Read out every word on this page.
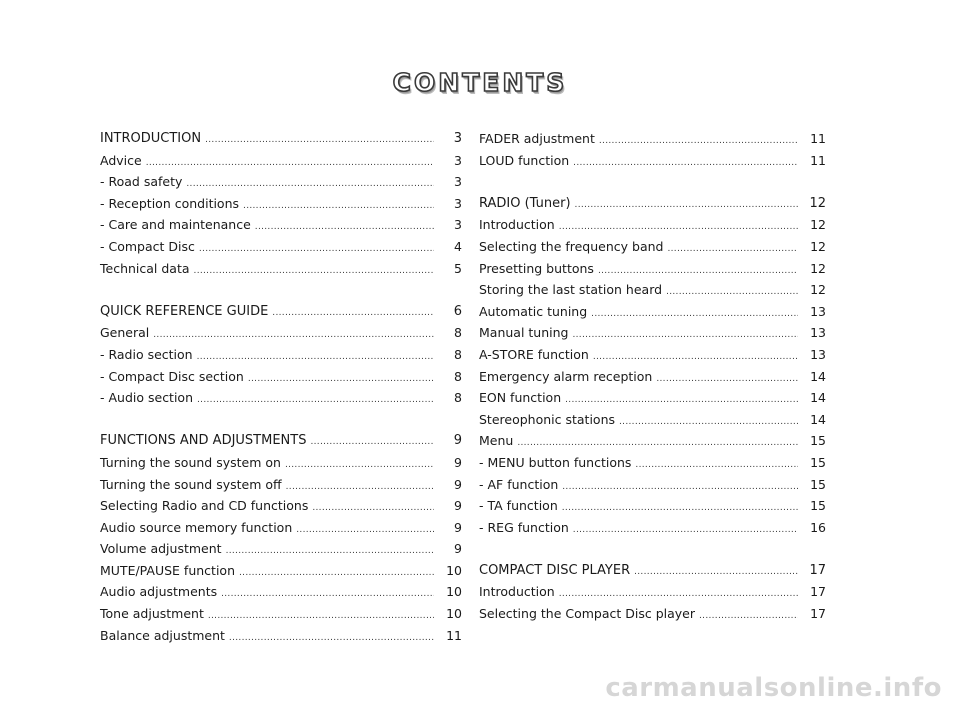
CONTENTS
INTRODUCTION .....	3
Advice .....	3
- Road safety .....	3
- Reception conditions .....	3
- Care and maintenance .....	3
- Compact Disc .....	4
Technical data .....	5
QUICK REFERENCE GUIDE .....	6
General .....	8
- Radio section .....	8
- Compact Disc section .....	8
- Audio section .....	8
FUNCTIONS AND ADJUSTMENTS .....	9
Turning the sound system on .....	9
Turning the sound system off .....	9
Selecting Radio and CD functions .....	9
Audio source memory function .....	9
Volume adjustment .....	9
MUTE/PAUSE function .....	10
Audio adjustments .....	10
Tone adjustment .....	10
Balance adjustment .....	11
FADER adjustment .....	11
LOUD function .....	11
RADIO (Tuner) .....	12
Introduction .....	12
Selecting the frequency band .....	12
Presetting buttons .....	12
Storing the last station heard .....	12
Automatic tuning .....	13
Manual tuning .....	13
A-STORE function .....	13
Emergency alarm reception .....	14
EON function .....	14
Stereophonic stations .....	14
Menu .....	15
- MENU button functions .....	15
- AF function .....	15
- TA function .....	15
- REG function .....	16
COMPACT DISC PLAYER .....	17
Introduction .....	17
Selecting the Compact Disc player .....	17
carmanualsonline.info
